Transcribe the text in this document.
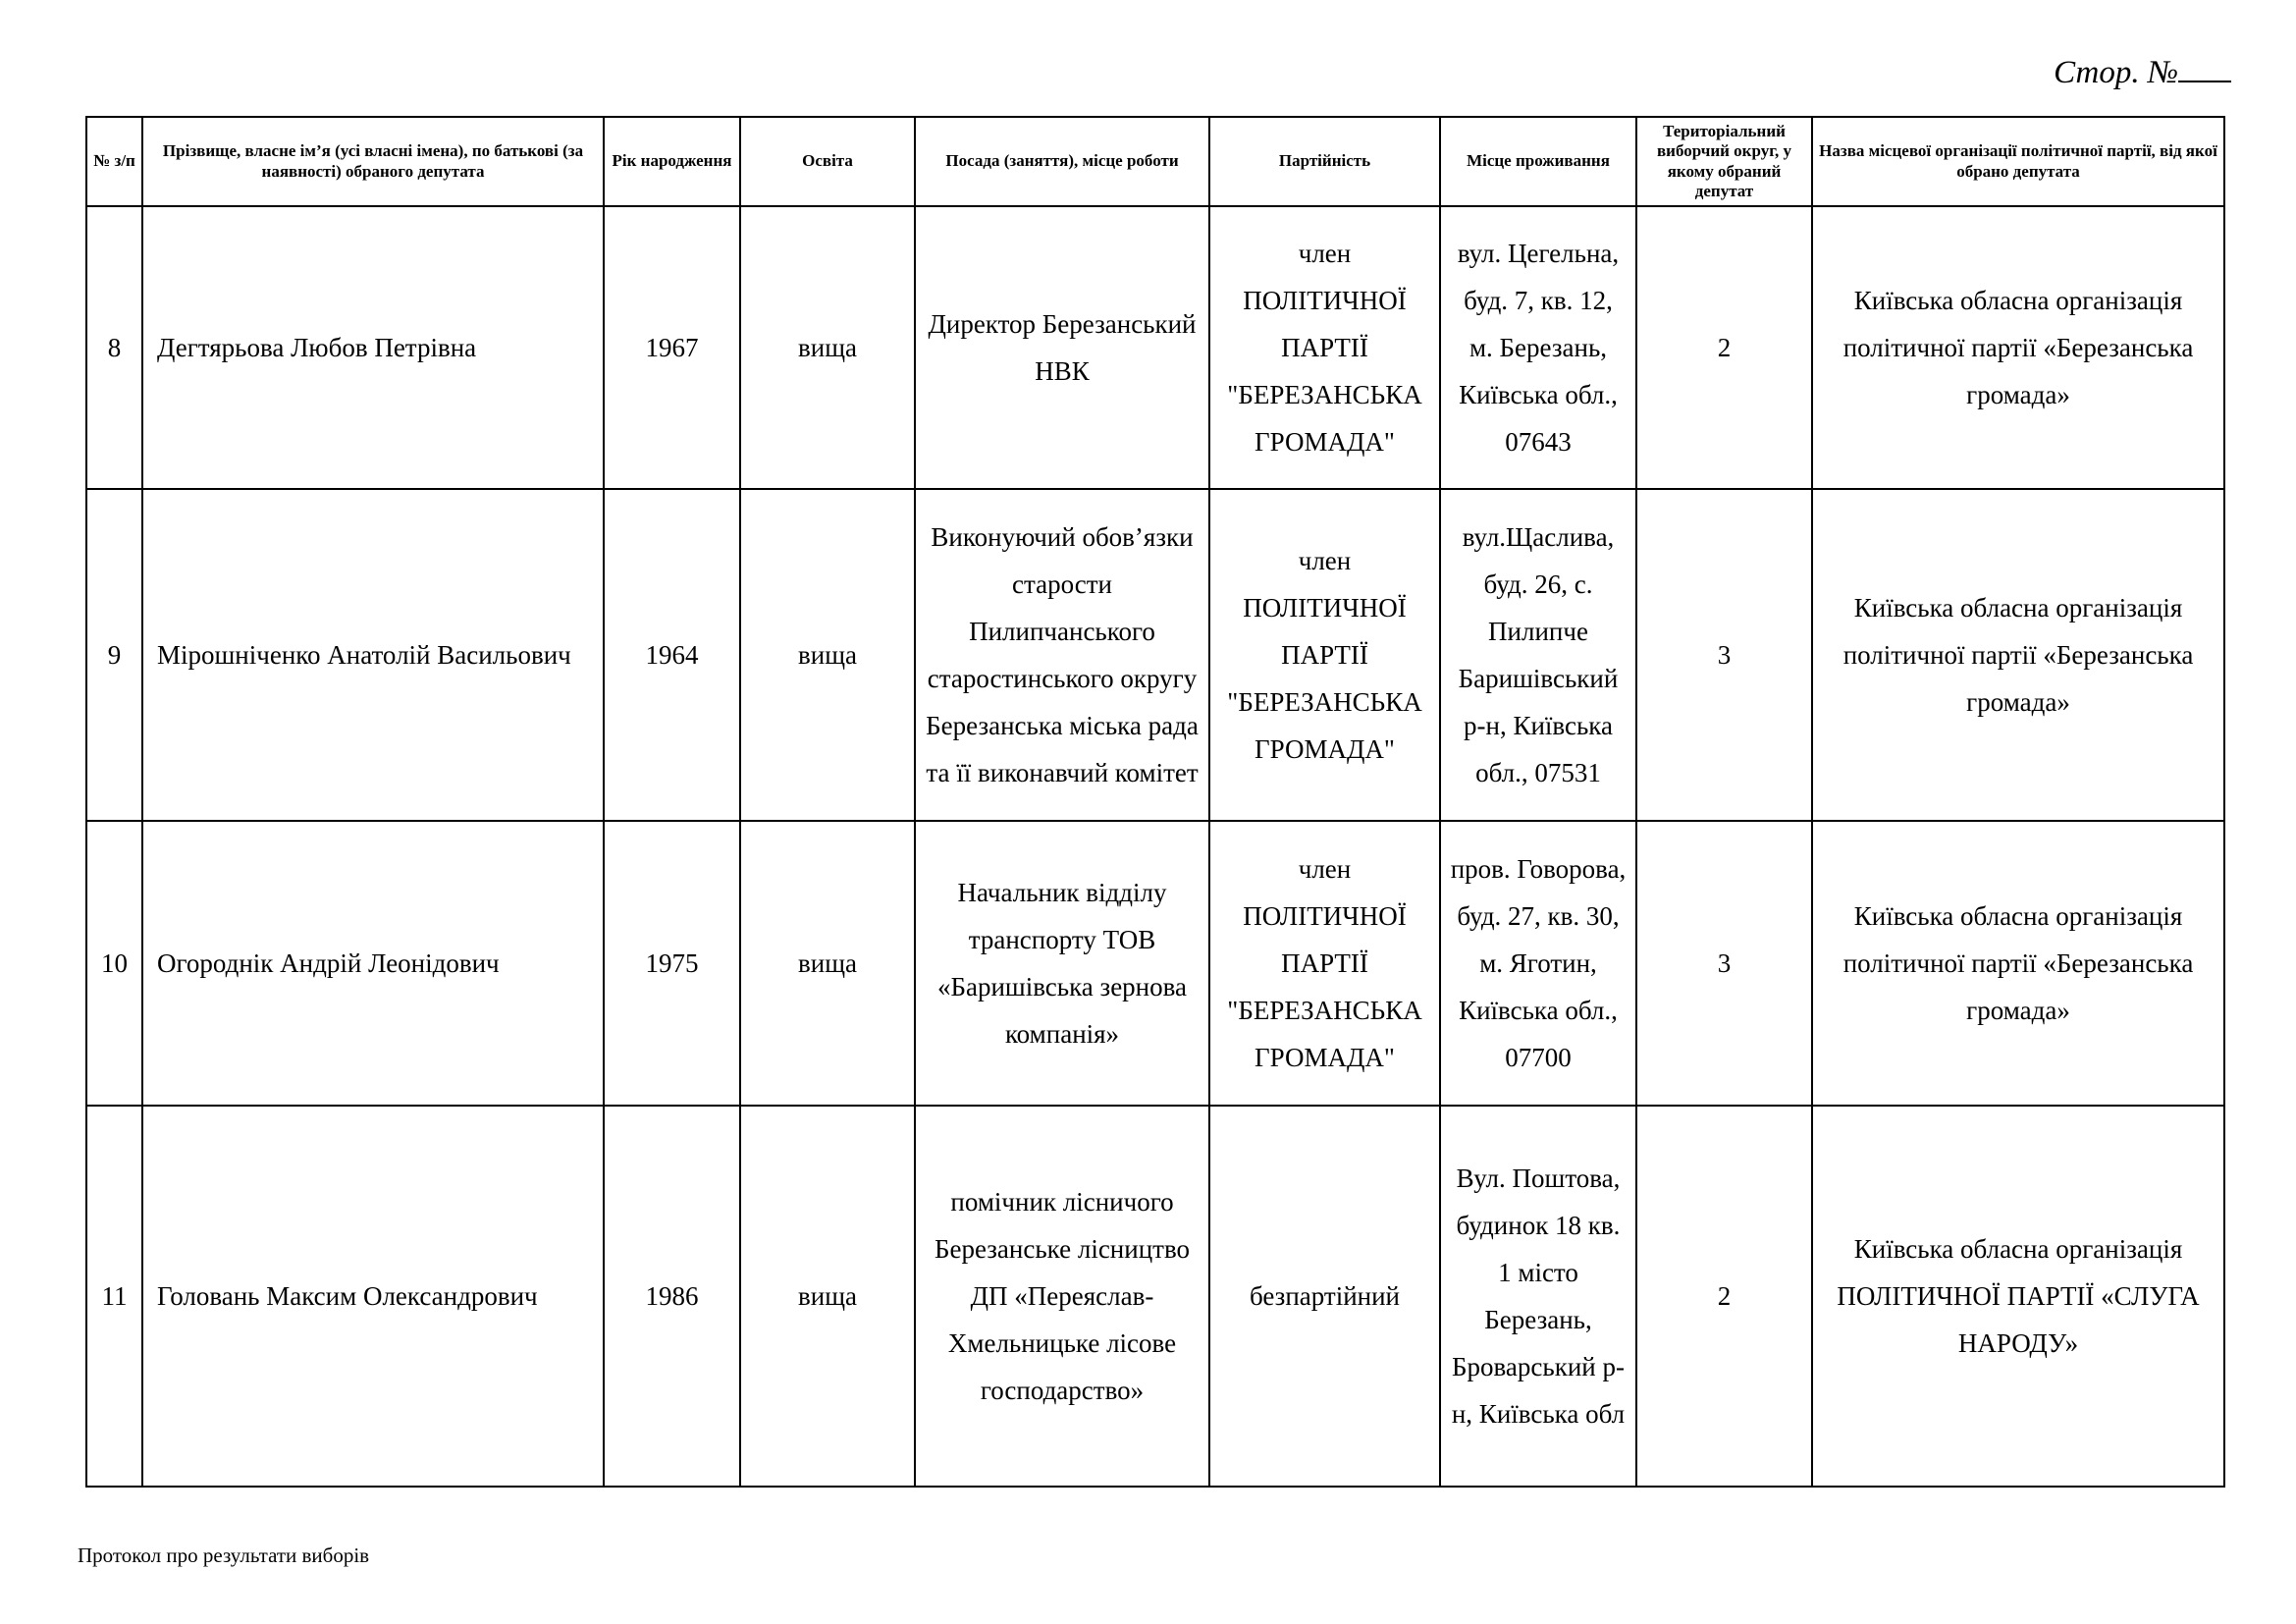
Стор. №
№ з/п	Прізвище, власне ім’я (усі власні імена), по батькові (за наявності) обраного депутата	Рік народження	Освіта	Посада (заняття), місце роботи	Партійність	Місце проживання	Територіальний виборчий округ, у якому обраний депутат	Назва місцевої організації політичної партії, від якої обрано депутата
8	Дегтярьова Любов Петрівна	1967	вища	Директор Березанський НВК	член ПОЛІТИЧНОЇ ПАРТІЇ "БЕРЕЗАНСЬКА ГРОМАДА"	вул. Цегельна, буд. 7, кв. 12, м. Березань, Київська обл., 07643	2	Київська обласна організація політичної партії «Березанська громада»
9	Мірошніченко Анатолій Васильович	1964	вища	Виконуючий обов’язки старости Пилипчанського старостинського округу Березанська міська рада та її виконавчий комітет	член ПОЛІТИЧНОЇ ПАРТІЇ "БЕРЕЗАНСЬКА ГРОМАДА"	вул.Щаслива, буд. 26, с. Пилипче Баришівський р-н, Київська обл., 07531	3	Київська обласна організація політичної партії «Березанська громада»
10	Огороднік Андрій Леонідович	1975	вища	Начальник відділу транспорту ТОВ «Баришівська зернова компанія»	член ПОЛІТИЧНОЇ ПАРТІЇ "БЕРЕЗАНСЬКА ГРОМАДА"	пров. Говорова, буд. 27, кв. 30, м. Яготин, Київська обл., 07700	3	Київська обласна організація політичної партії «Березанська громада»
11	Головань Максим Олександрович	1986	вища	помічник лісничого Березанське лісництво ДП «Переяслав-Хмельницьке лісове господарство»	безпартійний	Вул. Поштова, будинок 18 кв. 1 місто Березань, Броварський р-н, Київська обл	2	Київська обласна організація ПОЛІТИЧНОЇ ПАРТІЇ «СЛУГА НАРОДУ»
Протокол про результати виборів
